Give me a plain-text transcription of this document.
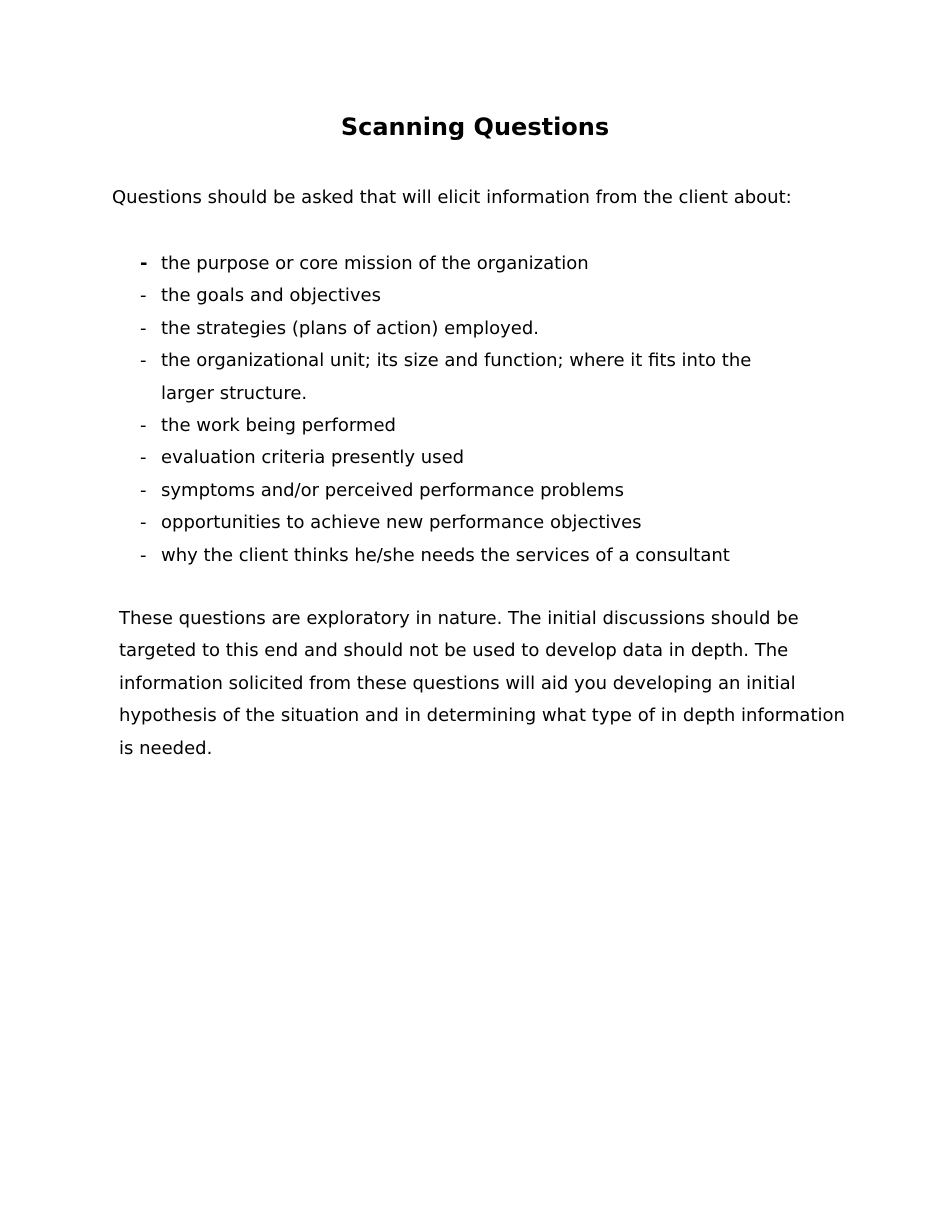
Scanning Questions

Questions should be asked that will elicit information from the client about:

- the purpose or core mission of the organization
- the goals and objectives
- the strategies (plans of action) employed.
- the organizational unit; its size and function; where it fits into the larger structure.
- the work being performed
- evaluation criteria presently used
- symptoms and/or perceived performance problems
- opportunities to achieve new performance objectives
- why the client thinks he/she needs the services of a consultant

These questions are exploratory in nature. The initial discussions should be targeted to this end and should not be used to develop data in depth. The information solicited from these questions will aid you developing an initial hypothesis of the situation and in determining what type of in depth information is needed.
